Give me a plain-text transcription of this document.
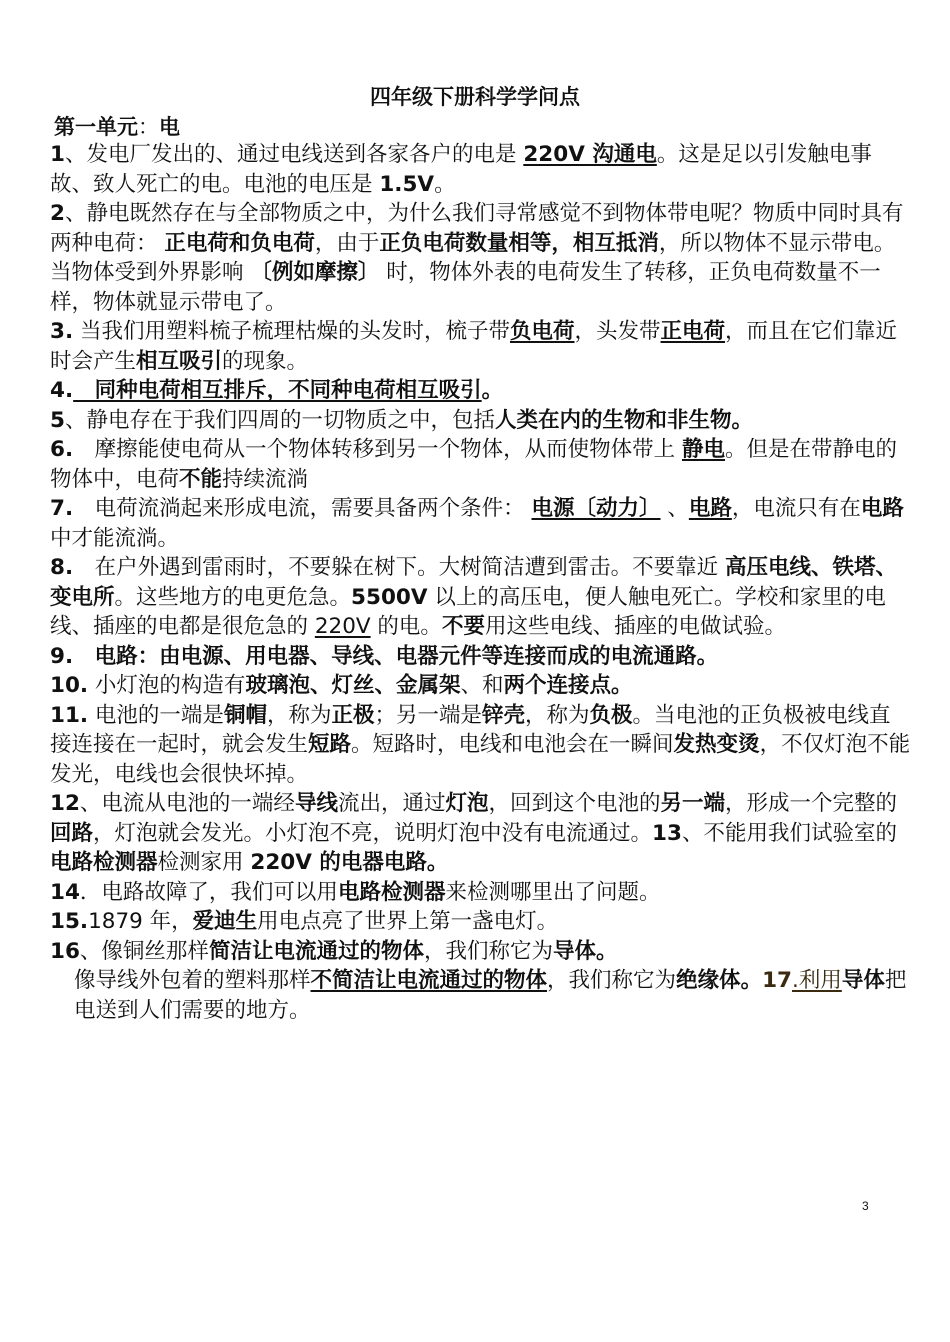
四年级下册科学学问点
第一单元：电

1、发电厂发出的、通过电线送到各家各户的电是 220V 沟通电。这是足以引发触电事故、致人死亡的电。电池的电压是 1.5V。

2、静电既然存在与全部物质之中，为什么我们寻常感觉不到物体带电呢？物质中同时具有两种电荷： 正电荷和负电荷，由于正负电荷数量相等，相互抵消，所以物体不显示带电。当物体受到外界影响 〔例如摩擦〕 时，物体外表的电荷发生了转移，正负电荷数量不一样，物体就显示带电了。

3. 当我们用塑料梳子梳理枯燥的头发时，梳子带负电荷，头发带正电荷，而且在它们靠近时会产生相互吸引的现象。

4.　同种电荷相互排斥，不同种电荷相互吸引。

5、静电存在于我们四周的一切物质之中，包括人类在内的生物和非生物。

6.　摩擦能使电荷从一个物体转移到另一个物体，从而使物体带上 静电。但是在带静电的物体中，电荷不能持续流淌

7.　电荷流淌起来形成电流，需要具备两个条件： 电源〔动力〕 、电路，电流只有在电路中才能流淌。

8.　在户外遇到雷雨时，不要躲在树下。大树简洁遭到雷击。不要靠近 高压电线、铁塔、变电所。这些地方的电更危急。5500V 以上的高压电，便人触电死亡。学校和家里的电线、插座的电都是很危急的 220V 的电。不要用这些电线、插座的电做试验。

9.　电路：由电源、用电器、导线、电器元件等连接而成的电流通路。

10. 小灯泡的构造有玻璃泡、灯丝、金属架、和两个连接点。

11. 电池的一端是铜帽，称为正极；另一端是锌壳，称为负极。当电池的正负极被电线直接连接在一起时，就会发生短路。短路时，电线和电池会在一瞬间发热变烫，不仅灯泡不能发光，电线也会很快坏掉。

12、电流从电池的一端经导线流出，通过灯泡，回到这个电池的另一端，形成一个完整的回路，灯泡就会发光。小灯泡不亮，说明灯泡中没有电流通过。13、不能用我们试验室的电路检测器检测家用 220V 的电器电路。

14．电路故障了，我们可以用电路检测器来检测哪里出了问题。

15.1879 年，爱迪生用电点亮了世界上第一盏电灯。

16、像铜丝那样简洁让电流通过的物体，我们称它为导体。

像导线外包着的塑料那样不简洁让电流通过的物体，我们称它为绝缘体。17.利用导体把电送到人们需要的地方。

3
